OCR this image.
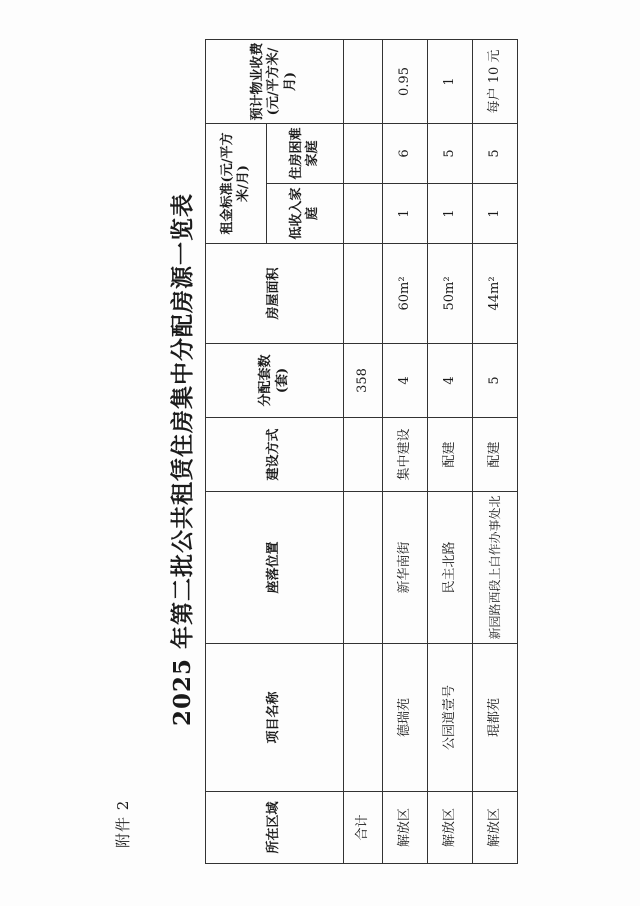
附件 2
2025 年第二批公共租赁住房集中分配房源一览表
所在区域	项目名称	座落位置	建设方式	分配套数(套)	房屋面积	租金标准(元/平方米/月)		预计物业收费(元/平方米/月)
						低收入家庭	住房困难家庭	
合计				358				
解放区	德瑞苑	新华南街	集中建设	4	60m²	1	6	0.95
解放区	公园道壹号	民主北路	配建	4	50m²	1	5	1
解放区	琨都苑	新园路西段上白作办事处北	配建	5	44m²	1	5	每户 10 元
